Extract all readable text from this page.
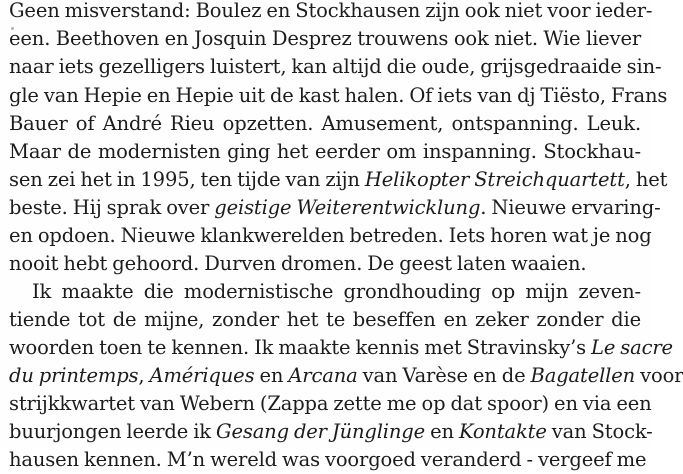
Geen misverstand: Boulez en Stockhausen zijn ook niet voor ieder-
een. Beethoven en Josquin Desprez trouwens ook niet. Wie liever
naar iets gezelligers luistert, kan altijd die oude, grijsgedraaide sin-
gle van Hepie en Hepie uit de kast halen. Of iets van dj Tiësto, Frans
Bauer of André Rieu opzetten. Amusement, ontspanning. Leuk.
Maar de modernisten ging het eerder om inspanning. Stockhau-
sen zei het in 1995, ten tijde van zijn Helikopter Streichquartett, het
beste. Hij sprak over geistige Weiterentwicklung. Nieuwe ervaring-
en opdoen. Nieuwe klankwerelden betreden. Iets horen wat je nog
nooit hebt gehoord. Durven dromen. De geest laten waaien.
Ik maakte die modernistische grondhouding op mijn zeven-
tiende tot de mijne, zonder het te beseffen en zeker zonder die
woorden toen te kennen. Ik maakte kennis met Stravinsky’s Le sacre
du printemps, Amériques en Arcana van Varèse en de Bagatellen voor
strijkkwartet van Webern (Zappa zette me op dat spoor) en via een
buurjongen leerde ik Gesang der Jünglinge en Kontakte van Stock-
hausen kennen. M’n wereld was voorgoed veranderd - vergeef me
